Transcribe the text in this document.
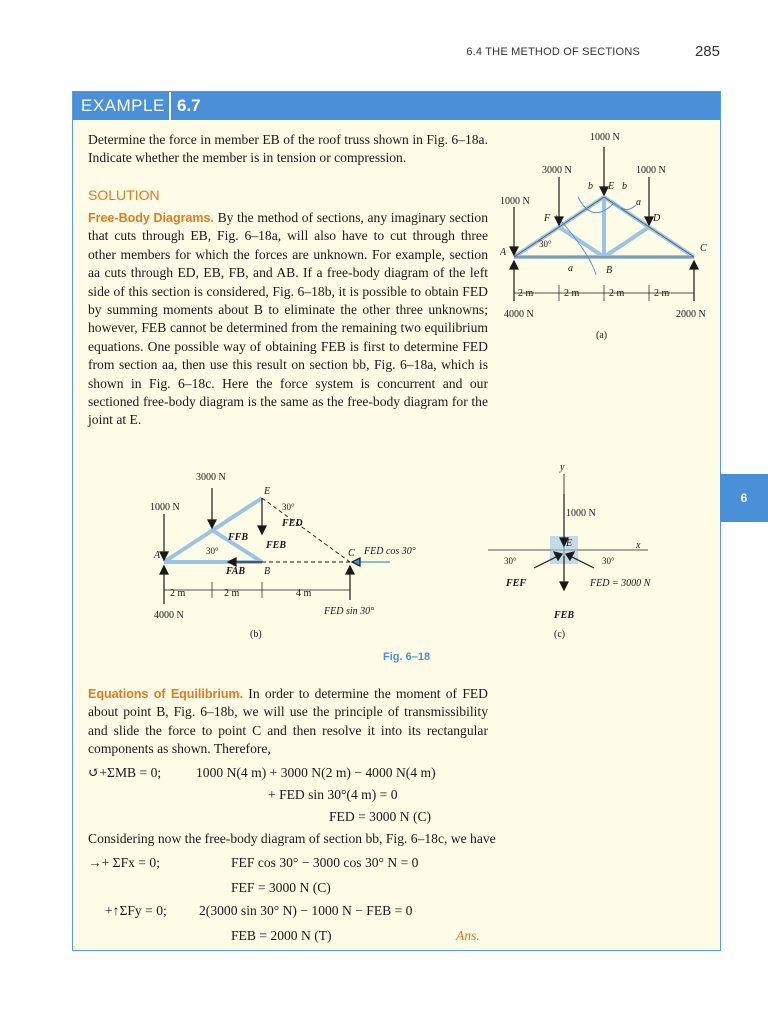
6.4 THE METHOD OF SECTIONS	285
EXAMPLE 6.7
6

Determine the force in member EB of the roof truss shown in Fig. 6–18a. Indicate whether the member is in tension or compression.

SOLUTION

Free-Body Diagrams. By the method of sections, any imaginary section that cuts through EB, Fig. 6–18a, will also have to cut through three other members for which the forces are unknown. For example, section aa cuts through ED, EB, FB, and AB. If a free-body diagram of the left side of this section is considered, Fig. 6–18b, it is possible to obtain FED by summing moments about B to eliminate the other three unknowns; however, FEB cannot be determined from the remaining two equilibrium equations. One possible way of obtaining FEB is first to determine FED from section aa, then use this result on section bb, Fig. 6–18a, which is shown in Fig. 6–18c. Here the force system is concurrent and our sectioned free-body diagram is the same as the free-body diagram for the joint at E.

1000 N
3000 N	1000 N
1000 N
4000 N	2000 N
2 m	2 m	2 m	2 m
30°
(a)
A
B
C
D
E
F
b	b
a
a
3000 N
1000 N
4000 N
30°
30°
2 m	2 m	4 m
(b)
A
B
C
E
FED
FFB
FEB
FAB
FED cos 30°
FED sin 30°
y
x
1000 N
E
30°	30°
FEF	FED = 3000 N
FEB
(c)
Fig. 6–18

Equations of Equilibrium. In order to determine the moment of FED about point B, Fig. 6–18b, we will use the principle of transmissibility and slide the force to point C and then resolve it into its rectangular components as shown. Therefore,

↺+ΣMB = 0;	1000 N(4 m) + 3000 N(2 m) − 4000 N(4 m)
+ FED sin 30°(4 m) = 0
FED = 3000 N (C)
Considering now the free-body diagram of section bb, Fig. 6–18c, we have
→+ ΣFx = 0;	FEF cos 30° − 3000 cos 30° N = 0
FEF = 3000 N (C)
+↑ΣFy = 0; 2(3000 sin 30° N) − 1000 N − FEB = 0
FEB = 2000 N (T)	Ans.
